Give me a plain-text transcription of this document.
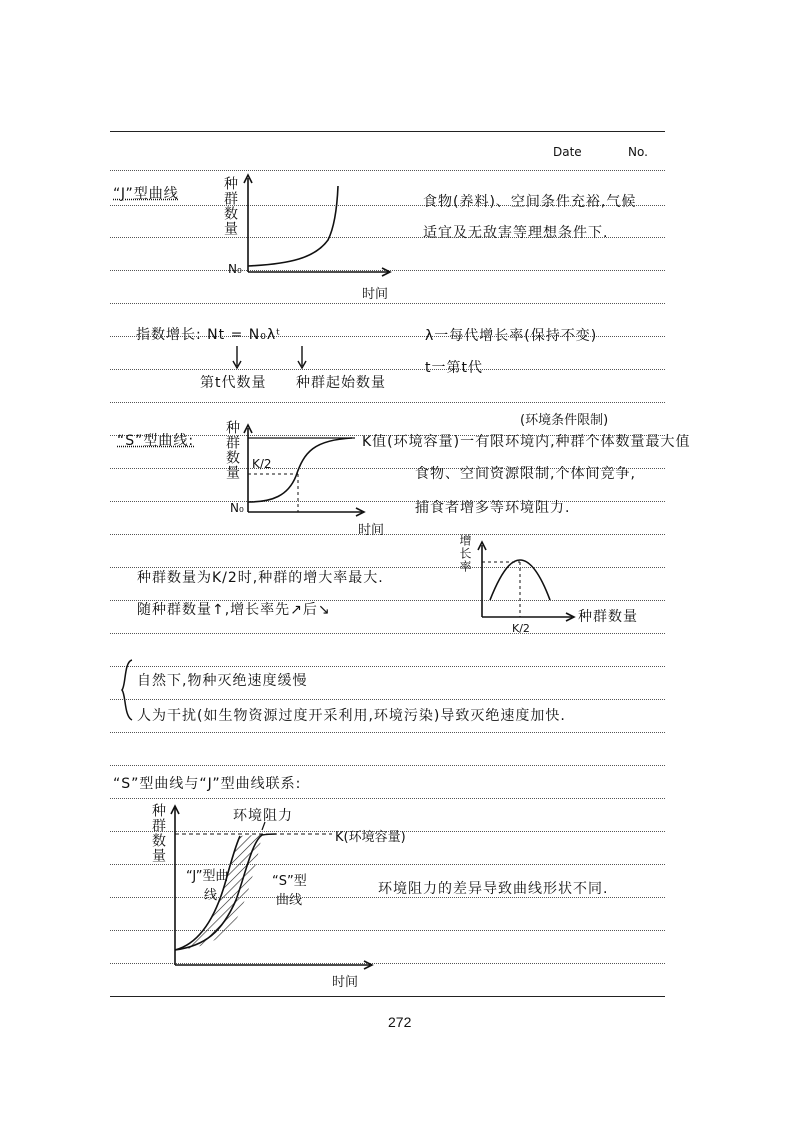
Date	No.
“J”型曲线	种群数量
N₀
时间
食物(养料)、空间条件充裕,气候
适宜及无敌害等理想条件下.
指数增长: Nt = N₀λᵗ
第t代数量 种群起始数量
λ一每代增长率(保持不变)
t一第t代
“S”型曲线: 种群数量 K/2
N₀
时间
(环境条件限制)
K值(环境容量)一有限环境内,种群个体数量最大值
食物、空间资源限制,个体间竞争,
捕食者增多等环境阻力.
种群数量为K/2时,种群的增大率最大.
随种群数量↑,增长率先↗后↘
增长率
种群数量
K/2
自然下,物种灭绝速度缓慢
人为干扰(如生物资源过度开采利用,环境污染)导致灭绝速度加快.
“S”型曲线与“J”型曲线联系:
种群数量	环境阻力
K(环境容量)
“J”型曲
线
“S”型
曲线
时间
环境阻力的差异导致曲线形状不同.
272
